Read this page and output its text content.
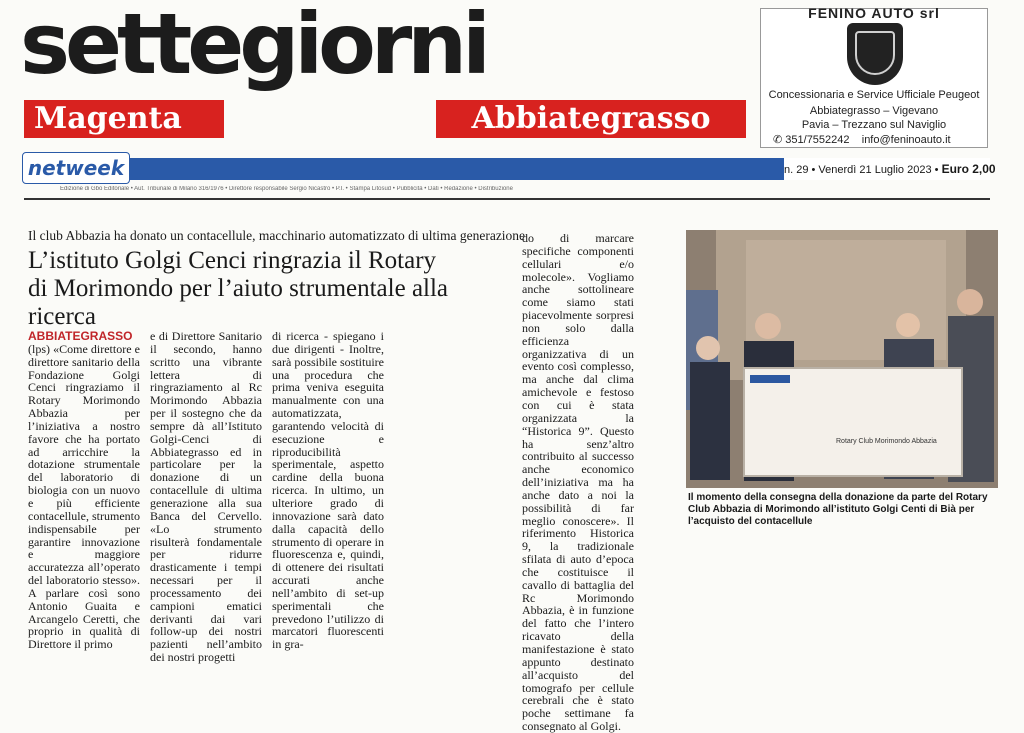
settegiorni
Magenta	Abbiategrasso
FENINO AUTO srl
Concessionaria e Service Ufficiale Peugeot
Abbiategrasso – Vigevano
Pavia – Trezzano sul Naviglio
✆ 351/7552242 info@feninoauto.it
netweek	n. 29 • Venerdì 21 Luglio 2023 • Euro 2,00
Edizione di Gbo Editoriale • Aut. Tribunale di Milano 316/1976 • Direttore responsabile Sergio Nicastro • P.I. • Stampa Litosud • Pubblicità • Dati • Redazione • Distribuzione
Il club Abbazia ha donato un contacellule, macchinario automatizzato di ultima generazione
L’istituto Golgi Cenci ringrazia il Rotary
di Morimondo per l’aiuto strumentale alla ricerca
ABBIATEGRASSO (lps) «Come direttore e direttore sanitario della Fondazione Golgi Cenci ringraziamo il Rotary Morimondo Abbazia per l’iniziativa a nostro favore che ha portato ad arricchire la dotazione strumentale del laboratorio di biologia con un nuovo e più efficiente contacellule, strumento indispensabile per garantire innovazione e maggiore accuratezza all’operato del laboratorio stesso». A parlare così sono Antonio Guaita e Arcangelo Ceretti, che proprio in qualità di Direttore il primo
e di Direttore Sanitario il secondo, hanno scritto una vibrante lettera di ringraziamento al Rc Morimondo Abbazia per il sostegno che da sempre dà all’Istituto Golgi-Cenci di Abbiategrasso ed in particolare per la donazione di un contacellule di ultima generazione alla sua Banca del Cervello. «Lo strumento risulterà fondamentale per ridurre drasticamente i tempi necessari per il processamento dei campioni ematici derivanti dai vari follow-up dei nostri pazienti nell’ambito dei nostri progetti
di ricerca - spiegano i due dirigenti - Inoltre, sarà possibile sostituire una procedura che prima veniva eseguita manualmente con una automatizzata, garantendo velocità di esecuzione e riproducibilità sperimentale, aspetto cardine della buona ricerca. In ultimo, un ulteriore grado di innovazione sarà dato dalla capacità dello strumento di operare in fluorescenza e, quindi, di ottenere dei risultati accurati anche nell’ambito di set-up sperimentali che prevedono l’utilizzo di marcatori fluorescenti in gra-
do di marcare specifiche componenti cellulari e/o molecole». Vogliamo anche sottolineare come siamo stati piacevolmente sorpresi non solo dalla efficienza organizzativa di un evento così complesso, ma anche dal clima amichevole e festoso con cui è stata organizzata la “Historica 9”. Questo ha senz’altro contribuito al successo anche economico dell’iniziativa ma ha anche dato a noi la possibilità di far meglio conoscere». Il riferimento Historica 9, la tradizionale sfilata di auto d’epoca che costituisce il cavallo di battaglia del Rc Morimondo Abbazia, è in funzione del fatto che l’intero ricavato della manifestazione è stato appunto destinato all’acquisto del tomografo per cellule cerebrali che è stato poche settimane fa consegnato al Golgi.
Rotary Club Morimondo Abbazia
Il momento della consegna della donazione da parte del Rotary Club Abbazia di Morimondo all’istituto Golgi Centi di Bià per l’acquisto del contacellule
